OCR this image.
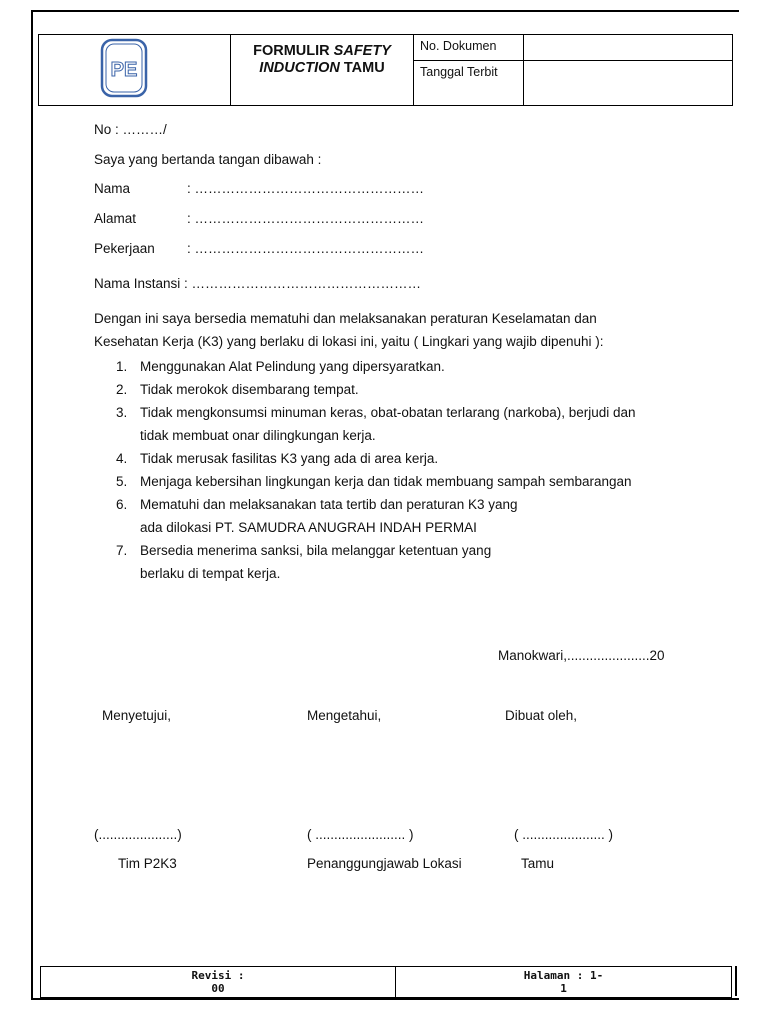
PE
FORMULIR SAFETY
INDUCTION TAMU
No. Dokumen
Tanggal Terbit
No : ………/
Saya yang bertanda tangan dibawah :
Nama	: ……………………………………………
Alamat	: ……………………………………………
Pekerjaan : ……………………………………………
Nama Instansi : ……………………………………………
Dengan ini saya bersedia mematuhi dan melaksanakan peraturan Keselamatan dan
Kesehatan Kerja (K3) yang berlaku di lokasi ini, yaitu ( Lingkari yang wajib dipenuhi ):
1. Menggunakan Alat Pelindung yang dipersyaratkan.
2. Tidak merokok disembarang tempat.
3. Tidak mengkonsumsi minuman keras, obat-obatan terlarang (narkoba), berjudi dan
tidak membuat onar dilingkungan kerja.
4. Tidak merusak fasilitas K3 yang ada di area kerja.
5. Menjaga kebersihan lingkungan kerja dan tidak membuang sampah sembarangan
6. Mematuhi dan melaksanakan tata tertib dan peraturan K3 yang
ada dilokasi PT. SAMUDRA ANUGRAH INDAH PERMAI
7. Bersedia menerima sanksi, bila melanggar ketentuan yang
berlaku di tempat kerja.
Manokwari,......................20
Menyetujui,	Mengetahui,	Dibuat oleh,
(.....................)	( ........................ )	( ...................... )
Tim P2K3	Penanggungjawab Lokasi	Tamu
Revisi :
00
Halaman : 1-
1
